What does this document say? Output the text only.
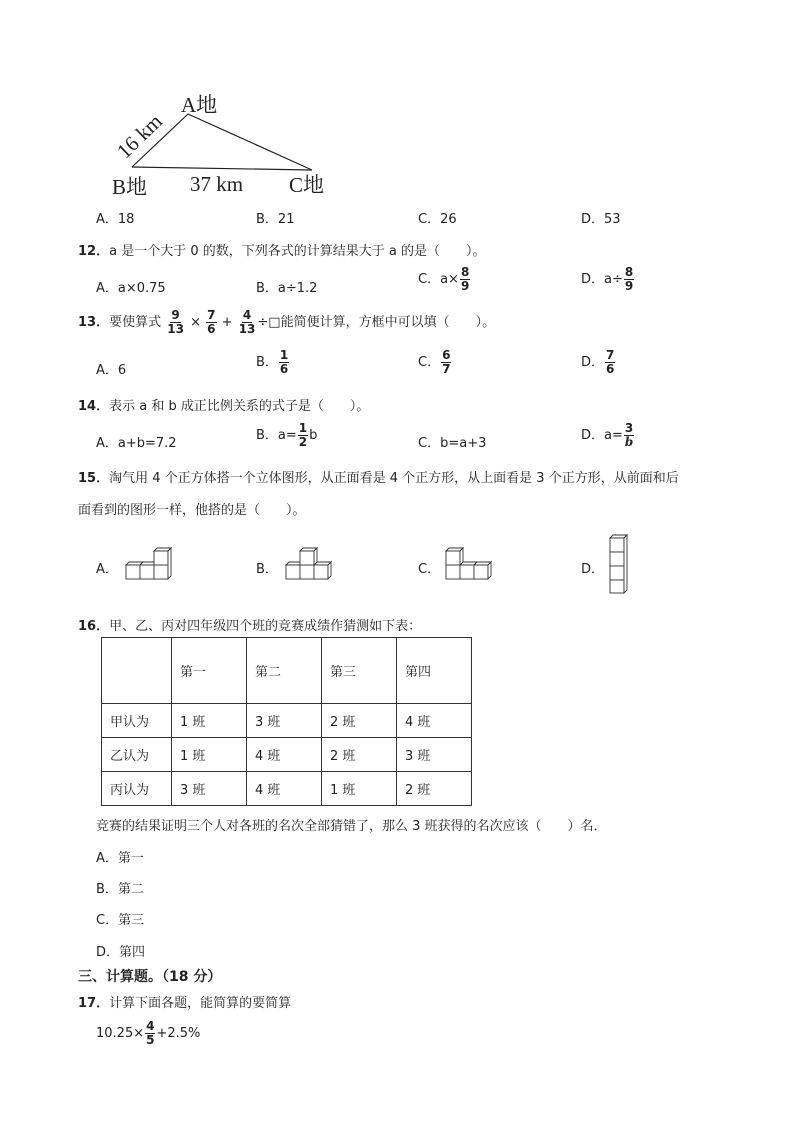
A地
B地	C地
16 km
37 km
A．18	B．21	C．26	D．53
12．a 是一个大于 0 的数，下列各式的计算结果大于 a 的是（　　）。
A．a×0.75	B．a÷1.2
C．$a\times \frac{8}{9}$	D．$a\div \frac{8}{9}$
13．要使算式 $\frac{9}{13} \times \frac{7}{6} + \frac{4}{13}$ ÷□能简便计算，方框中可以填（　　）。
A．6
B． $\frac{1}{6}$	C． $\frac{6}{7}$	D． $\frac{7}{6}$
14．表示 a 和 b 成正比例关系的式子是（　　）。
A．a+b=7.2
B．$a= \frac{1}{2}$ b
C．b=a+3
D．$a= \frac{3}{b}$
15．淘气用 4 个正方体搭一个立体图形，从正面看是 4 个正方形，从上面看是 3 个正方形，从前面和后
面看到的图形一样，他搭的是（　　）。
A．	B．	C．	D．
16．甲、乙、丙对四年级四个班的竞赛成绩作猜测如下表：
	第一	第二	第三	第四
甲认为	1 班	3 班	2 班	4 班
乙认为	1 班	4 班	2 班	3 班
丙认为	3 班	4 班	1 班	2 班
竞赛的结果证明三个人对各班的名次全部猜错了，那么 3 班获得的名次应该（　　）名．
A．第一
B．第二
C．第三
D．第四
三、计算题。（18 分）
17．计算下面各题，能简算的要简算
$10.25\times \frac{4}{5} +2.5\%$
